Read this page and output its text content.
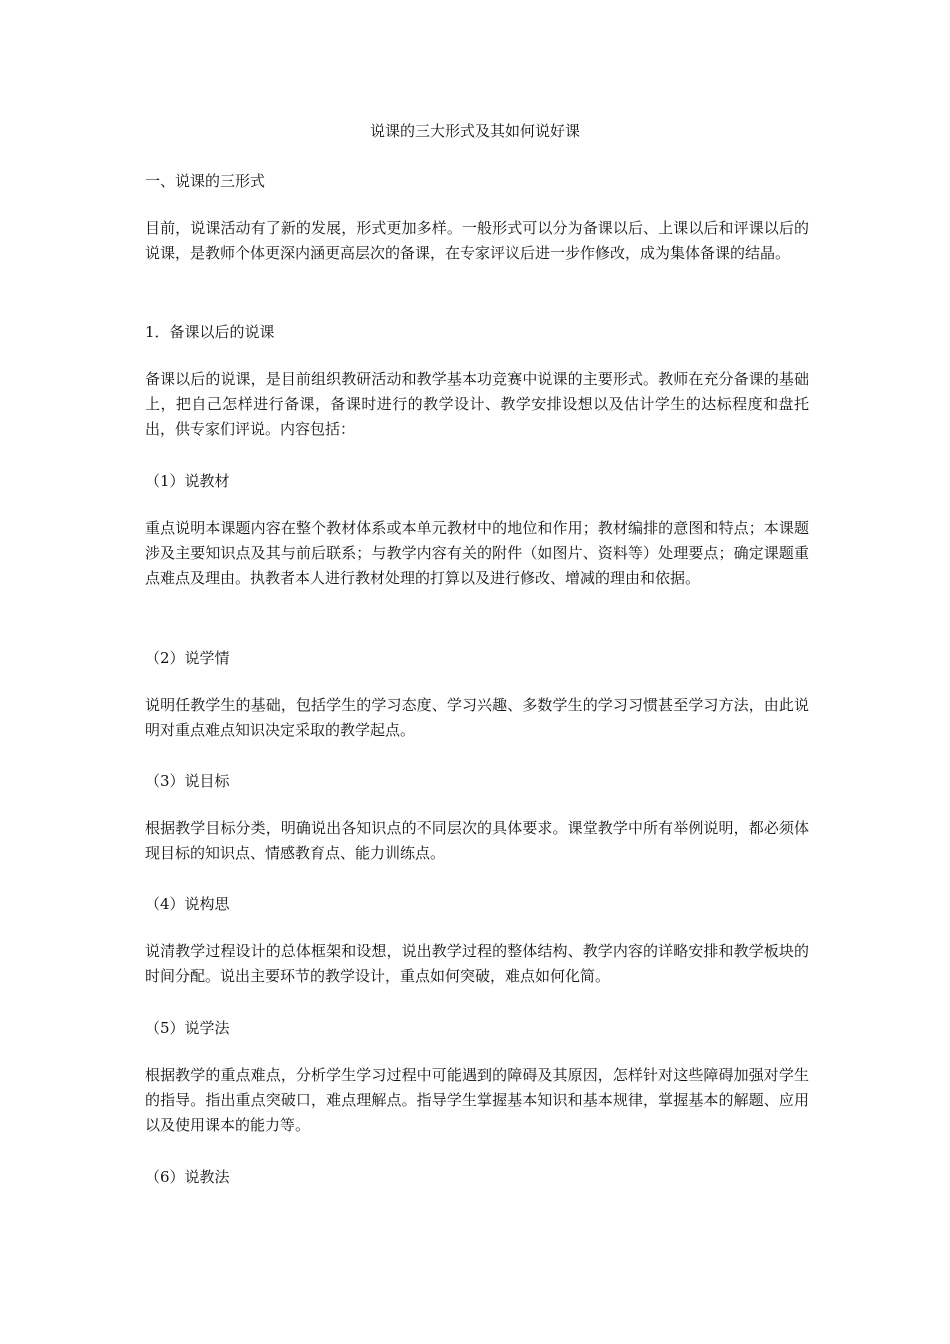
说课的三大形式及其如何说好课
一、说课的三形式
目前，说课活动有了新的发展，形式更加多样。一般形式可以分为备课以后、上课以后和评课以后的说课，是教师个体更深内涵更高层次的备课，在专家评议后进一步作修改，成为集体备课的结晶。
1．备课以后的说课
备课以后的说课，是目前组织教研活动和教学基本功竞赛中说课的主要形式。教师在充分备课的基础上，把自己怎样进行备课，备课时进行的教学设计、教学安排设想以及估计学生的达标程度和盘托出，供专家们评说。内容包括：
（1）说教材
重点说明本课题内容在整个教材体系或本单元教材中的地位和作用；教材编排的意图和特点；本课题涉及主要知识点及其与前后联系；与教学内容有关的附件（如图片、资料等）处理要点；确定课题重点难点及理由。执教者本人进行教材处理的打算以及进行修改、增减的理由和依据。
（2）说学情
说明任教学生的基础，包括学生的学习态度、学习兴趣、多数学生的学习习惯甚至学习方法，由此说明对重点难点知识决定采取的教学起点。
（3）说目标
根据教学目标分类，明确说出各知识点的不同层次的具体要求。课堂教学中所有举例说明，都必须体现目标的知识点、情感教育点、能力训练点。
（4）说构思
说清教学过程设计的总体框架和设想，说出教学过程的整体结构、教学内容的详略安排和教学板块的时间分配。说出主要环节的教学设计，重点如何突破，难点如何化简。
（5）说学法
根据教学的重点难点，分析学生学习过程中可能遇到的障碍及其原因，怎样针对这些障碍加强对学生的指导。指出重点突破口，难点理解点。指导学生掌握基本知识和基本规律，掌握基本的解题、应用以及使用课本的能力等。
（6）说教法
